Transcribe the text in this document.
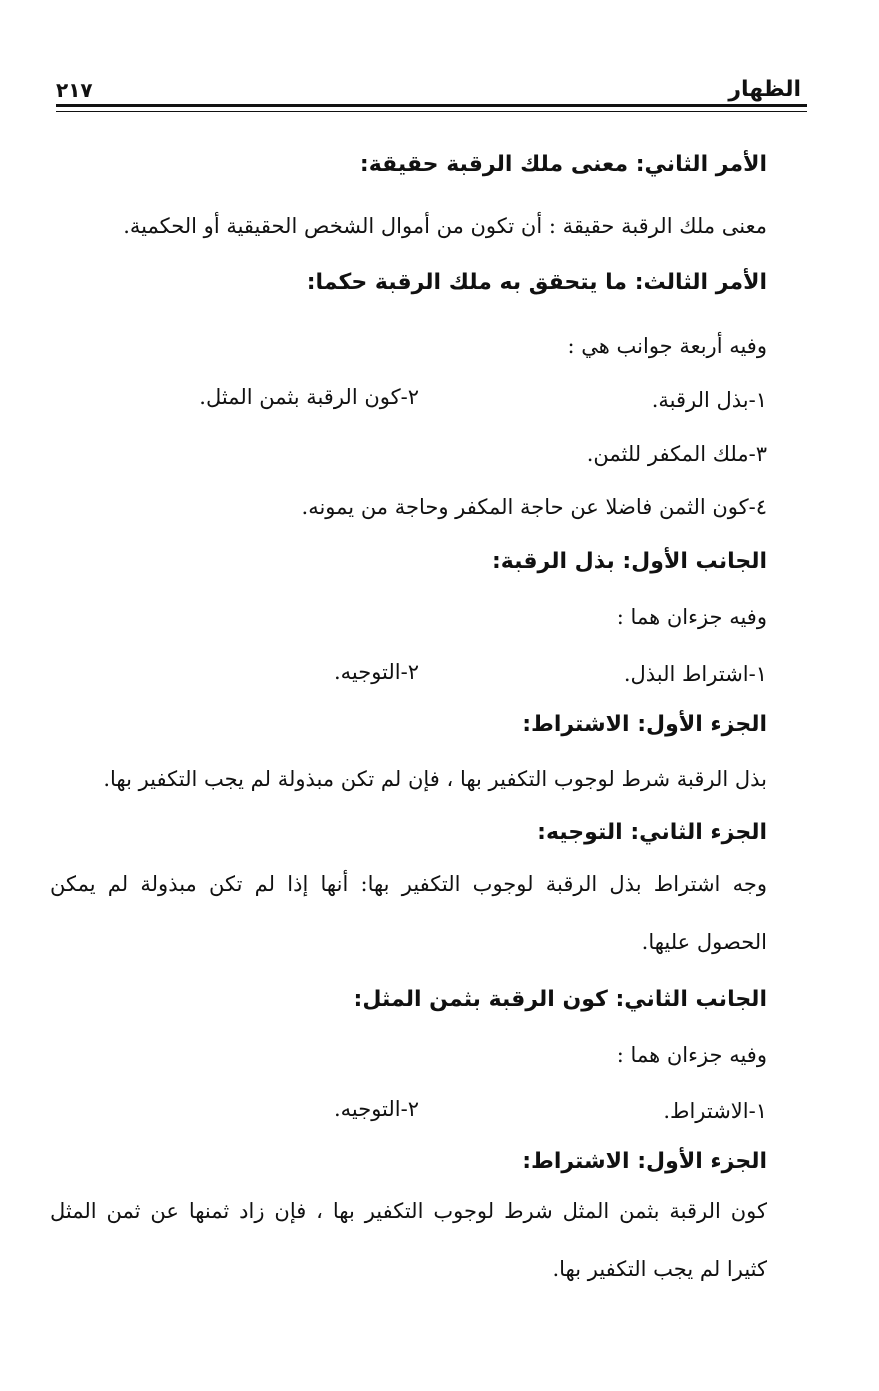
الظهار
٢١٧
الأمر الثاني: معنى ملك الرقبة حقيقة:
معنى ملك الرقبة حقيقة : أن تكون من أموال الشخص الحقيقية أو الحكمية.
الأمر الثالث: ما يتحقق به ملك الرقبة حكما:
وفيه أربعة جوانب هي :
١-بذل الرقبة.
٢-كون الرقبة بثمن المثل.
٣-ملك المكفر للثمن.
٤-كون الثمن فاضلا عن حاجة المكفر وحاجة من يمونه.
الجانب الأول: بذل الرقبة:
وفيه جزءان هما :
١-اشتراط البذل.
٢-التوجيه.
الجزء الأول: الاشتراط:
بذل الرقبة شرط لوجوب التكفير بها ، فإن لم تكن مبذولة لم يجب التكفير بها.
الجزء الثاني: التوجيه:
وجه اشتراط بذل الرقبة لوجوب التكفير بها: أنها إذا لم تكن مبذولة لم يمكن الحصول عليها.
الجانب الثاني: كون الرقبة بثمن المثل:
وفيه جزءان هما :
١-الاشتراط.
٢-التوجيه.
الجزء الأول: الاشتراط:
كون الرقبة بثمن المثل شرط لوجوب التكفير بها ، فإن زاد ثمنها عن ثمن المثل كثيرا لم يجب التكفير بها.
